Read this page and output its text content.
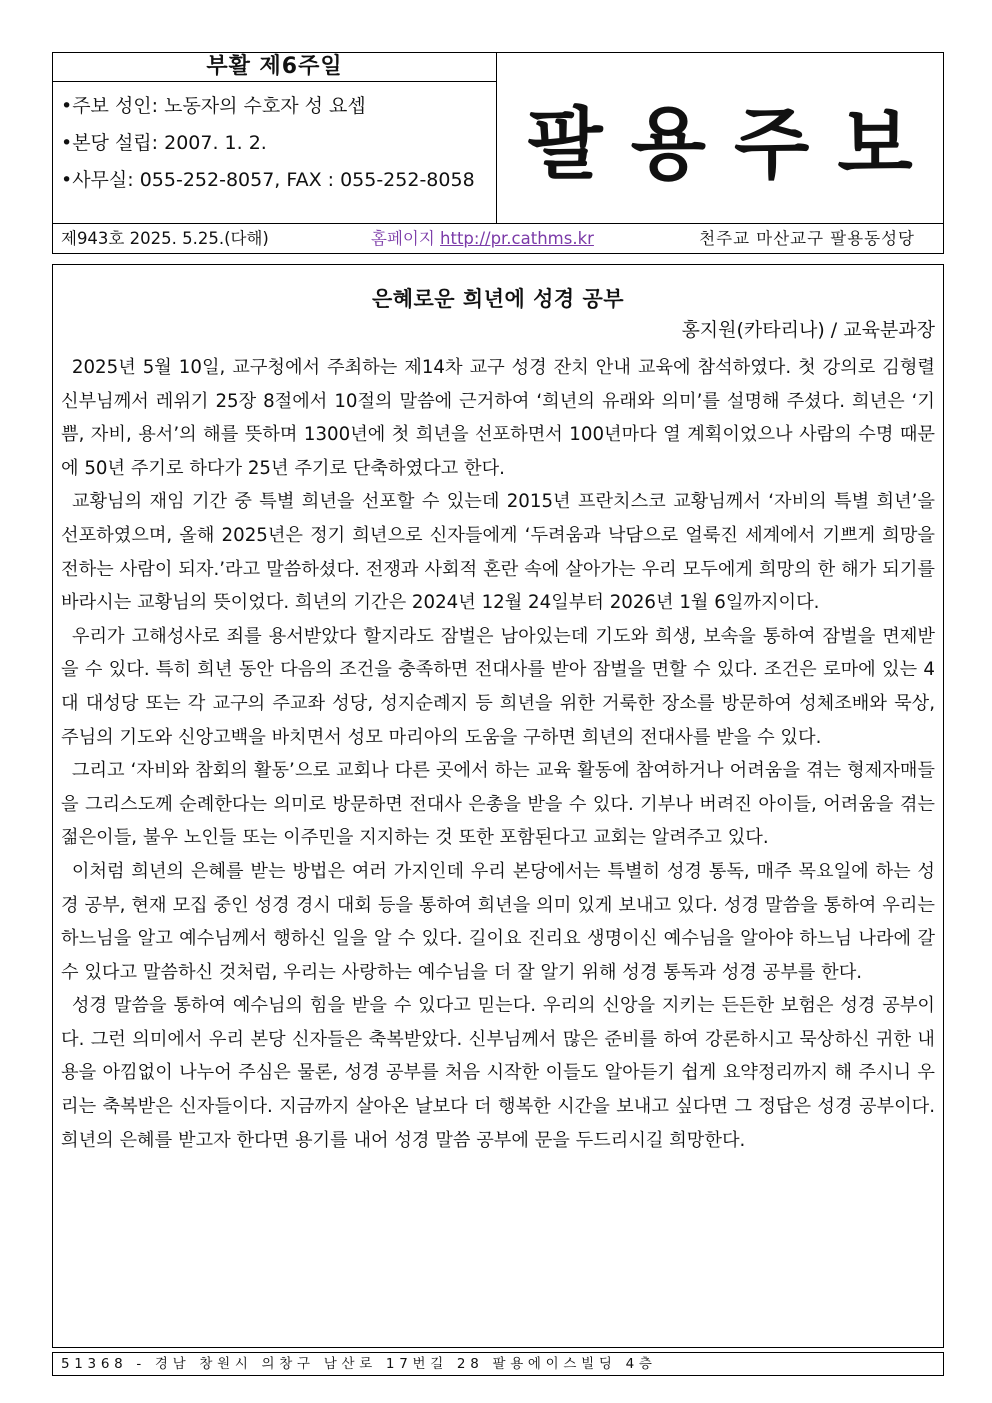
부활 제6주일
•주보 성인: 노동자의 수호자 성 요셉
•본당 설립: 2007. 1. 2.
•사무실: 055-252-8057, FAX : 055-252-8058 팔용주보
제943호 2025. 5.25.(다해)	홈페이지 http://pr.cathms.kr	천주교 마산교구 팔용동성당
은혜로운 희년에 성경 공부
홍지원(카타리나) / 교육분과장

2025년 5월 10일, 교구청에서 주최하는 제14차 교구 성경 잔치 안내 교육에 참석하였다. 첫 강의로 김형렬 신부님께서 레위기 25장 8절에서 10절의 말씀에 근거하여 ‘희년의 유래와 의미’를 설명해 주셨다. 희년은 ‘기쁨, 자비, 용서’의 해를 뜻하며 1300년에 첫 희년을 선포하면서 100년마다 열 계획이었으나 사람의 수명 때문에 50년 주기로 하다가 25년 주기로 단축하였다고 한다.

교황님의 재임 기간 중 특별 희년을 선포할 수 있는데 2015년 프란치스코 교황님께서 ‘자비의 특별 희년’을 선포하였으며, 올해 2025년은 정기 희년으로 신자들에게 ‘두려움과 낙담으로 얼룩진 세계에서 기쁘게 희망을 전하는 사람이 되자.’라고 말씀하셨다. 전쟁과 사회적 혼란 속에 살아가는 우리 모두에게 희망의 한 해가 되기를 바라시는 교황님의 뜻이었다. 희년의 기간은 2024년 12월 24일부터 2026년 1월 6일까지이다.

우리가 고해성사로 죄를 용서받았다 할지라도 잠벌은 남아있는데 기도와 희생, 보속을 통하여 잠벌을 면제받을 수 있다. 특히 희년 동안 다음의 조건을 충족하면 전대사를 받아 잠벌을 면할 수 있다. 조건은 로마에 있는 4대 대성당 또는 각 교구의 주교좌 성당, 성지순례지 등 희년을 위한 거룩한 장소를 방문하여 성체조배와 묵상, 주님의 기도와 신앙고백을 바치면서 성모 마리아의 도움을 구하면 희년의 전대사를 받을 수 있다.

그리고 ‘자비와 참회의 활동’으로 교회나 다른 곳에서 하는 교육 활동에 참여하거나 어려움을 겪는 형제자매들을 그리스도께 순례한다는 의미로 방문하면 전대사 은총을 받을 수 있다. 기부나 버려진 아이들, 어려움을 겪는 젊은이들, 불우 노인들 또는 이주민을 지지하는 것 또한 포함된다고 교회는 알려주고 있다.

이처럼 희년의 은혜를 받는 방법은 여러 가지인데 우리 본당에서는 특별히 성경 통독, 매주 목요일에 하는 성경 공부, 현재 모집 중인 성경 경시 대회 등을 통하여 희년을 의미 있게 보내고 있다. 성경 말씀을 통하여 우리는 하느님을 알고 예수님께서 행하신 일을 알 수 있다. 길이요 진리요 생명이신 예수님을 알아야 하느님 나라에 갈 수 있다고 말씀하신 것처럼, 우리는 사랑하는 예수님을 더 잘 알기 위해 성경 통독과 성경 공부를 한다.

성경 말씀을 통하여 예수님의 힘을 받을 수 있다고 믿는다. 우리의 신앙을 지키는 든든한 보험은 성경 공부이다. 그런 의미에서 우리 본당 신자들은 축복받았다. 신부님께서 많은 준비를 하여 강론하시고 묵상하신 귀한 내용을 아낌없이 나누어 주심은 물론, 성경 공부를 처음 시작한 이들도 알아듣기 쉽게 요약정리까지 해 주시니 우리는 축복받은 신자들이다. 지금까지 살아온 날보다 더 행복한 시간을 보내고 싶다면 그 정답은 성경 공부이다. 희년의 은혜를 받고자 한다면 용기를 내어 성경 말씀 공부에 문을 두드리시길 희망한다.

5 1 3 6 8   -   경 남   창 원 시   의 창 구   남 산 로   1 7 번 길   2 8   팔 용 에 이 스 빌 딩   4 층
